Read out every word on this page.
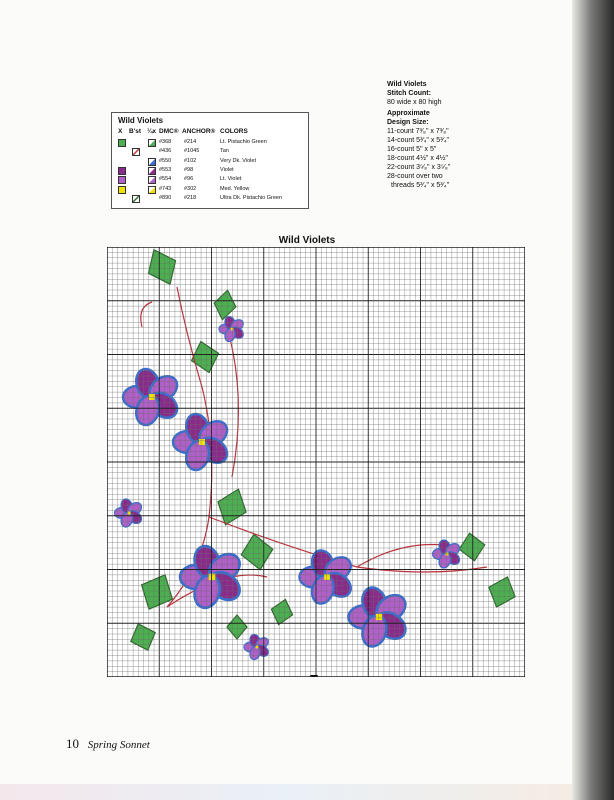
Wild Violets
X B'st ¼x DMC® ANCHOR® COLORS
#368 #214	Lt. Pistachio Green
#436 #1045	Tan
#550 #102	Very Dk. Violet
#553 #98	Violet
#554 #96	Lt. Violet
#743 #302	Med. Yellow
#890 #218	Ultra Dk. Pistachio Green
Wild Violets
Stitch Count:
80 wide x 80 high
Approximate
Design Size:
11-count 7³⁄₈" x 7³⁄₈"
14-count 5³⁄₄" x 5³⁄₄"
16-count 5" x 5"
18-count 4½" x 4½"
22-count 3⁵⁄₈" x 3⁵⁄₈"
28-count over two
threads 5³⁄₄" x 5³⁄₄"
Wild Violets
10 Spring Sonnet
